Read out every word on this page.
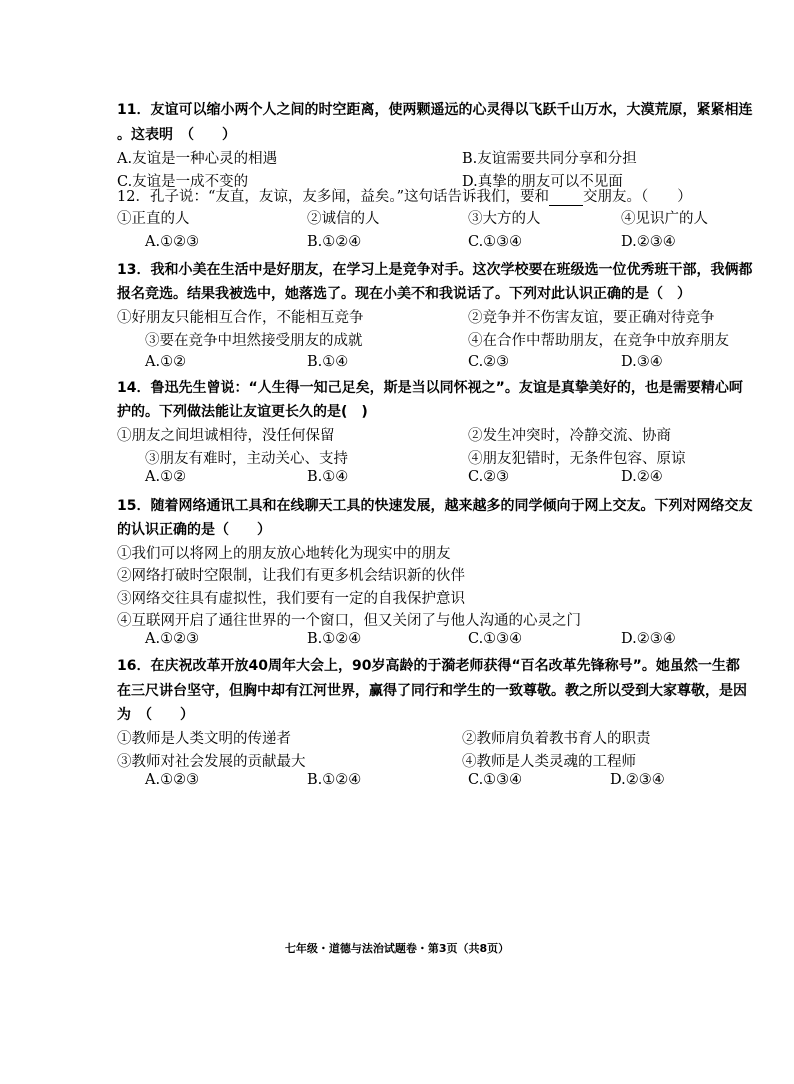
11．友谊可以缩小两个人之间的时空距离，使两颗遥远的心灵得以飞跃千山万水，大漠荒原，紧紧相连
。这表明　（　　）
A.友谊是一种心灵的相遇	B.友谊需要共同分享和分担
C.友谊是一成不变的	D.真挚的朋友可以不见面
12．孔子说：“友直，友谅，友多闻，益矣。”这句话告诉我们，要和 交朋友。（　　）
①正直的人	②诚信的人	③大方的人	④见识广的人
A.①②③	B.①②④	C.①③④	D.②③④
13．我和小美在生活中是好朋友，在学习上是竞争对手。这次学校要在班级选一位优秀班干部，我俩都
报名竞选。结果我被选中，她落选了。现在小美不和我说话了。下列对此认识正确的是（　）
①好朋友只能相互合作，不能相互竞争	②竞争并不伤害友谊，要正确对待竞争
③要在竞争中坦然接受朋友的成就	④在合作中帮助朋友，在竞争中放弃朋友
A.①②	B.①④	C.②③	D.③④
14．鲁迅先生曾说：“人生得一知己足矣，斯是当以同怀视之”。友谊是真挚美好的，也是需要精心呵
护的。下列做法能让友谊更长久的是(　)
①朋友之间坦诚相待，没任何保留	②发生冲突时，冷静交流、协商
③朋友有难时，主动关心、支持	④朋友犯错时，无条件包容、原谅
A.①②	B.①④	C.②③	D.②④
15．随着网络通讯工具和在线聊天工具的快速发展，越来越多的同学倾向于网上交友。下列对网络交友
的认识正确的是（　　）
①我们可以将网上的朋友放心地转化为现实中的朋友
②网络打破时空限制，让我们有更多机会结识新的伙伴
③网络交往具有虚拟性，我们要有一定的自我保护意识
④互联网开启了通往世界的一个窗口，但又关闭了与他人沟通的心灵之门
A.①②③	B.①②④	C.①③④	D.②③④
16．在庆祝改革开放40周年大会上，90岁高龄的于漪老师获得“百名改革先锋称号”。她虽然一生都
在三尺讲台坚守，但胸中却有江河世界，赢得了同行和学生的一致尊敬。教之所以受到大家尊敬，是因
为　（　　）
①教师是人类文明的传递者	②教师肩负着教书育人的职责
③教师对社会发展的贡献最大	④教师是人类灵魂的工程师
A.①②③	B.①②④	C.①③④	D.②③④
七年级・道德与法治试题卷・第3页（共8页）
